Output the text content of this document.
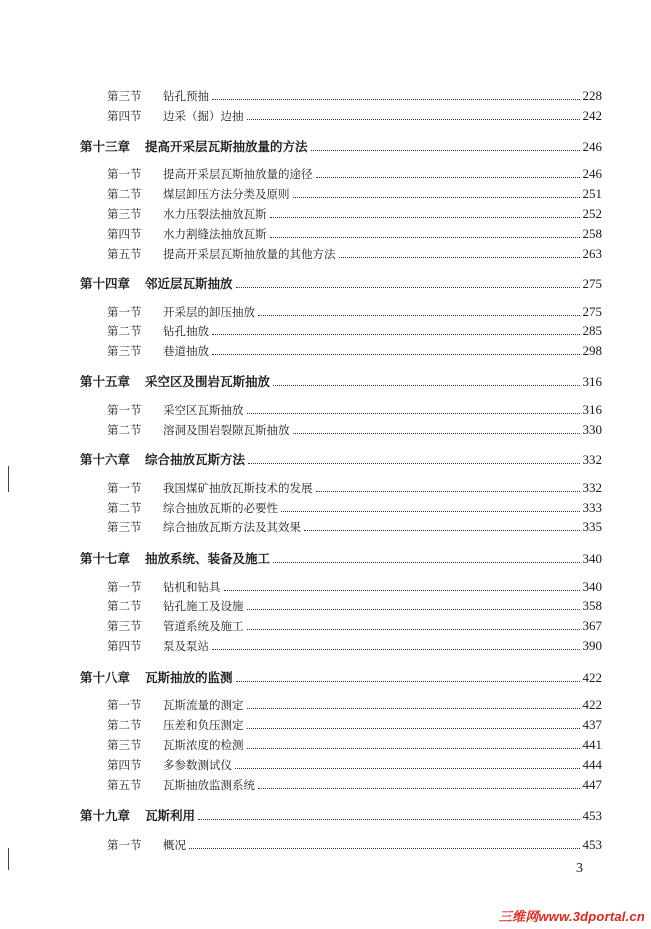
第三节	钻孔预抽	228
第四节	边采（掘）边抽	242
第十三章	提高开采层瓦斯抽放量的方法	246
第一节	提高开采层瓦斯抽放量的途径	246
第二节	煤层卸压方法分类及原则	251
第三节	水力压裂法抽放瓦斯	252
第四节	水力割缝法抽放瓦斯	258
第五节	提高开采层瓦斯抽放量的其他方法	263
第十四章	邻近层瓦斯抽放	275
第一节	开采层的卸压抽放	275
第二节	钻孔抽放	285
第三节	巷道抽放	298
第十五章	采空区及围岩瓦斯抽放	316
第一节	采空区瓦斯抽放	316
第二节	溶洞及围岩裂隙瓦斯抽放	330
第十六章	综合抽放瓦斯方法	332
第一节	我国煤矿抽放瓦斯技术的发展	332
第二节	综合抽放瓦斯的必要性	333
第三节	综合抽放瓦斯方法及其效果	335
第十七章	抽放系统、装备及施工	340
第一节	钻机和钻具	340
第二节	钻孔施工及设施	358
第三节	管道系统及施工	367
第四节	泵及泵站	390
第十八章	瓦斯抽放的监测	422
第一节	瓦斯流量的测定	422
第二节	压差和负压测定	437
第三节	瓦斯浓度的检测	441
第四节	多参数测试仪	444
第五节	瓦斯抽放监测系统	447
第十九章	瓦斯利用	453
第一节	概况	453
3
三维网www.3dportal.cn
